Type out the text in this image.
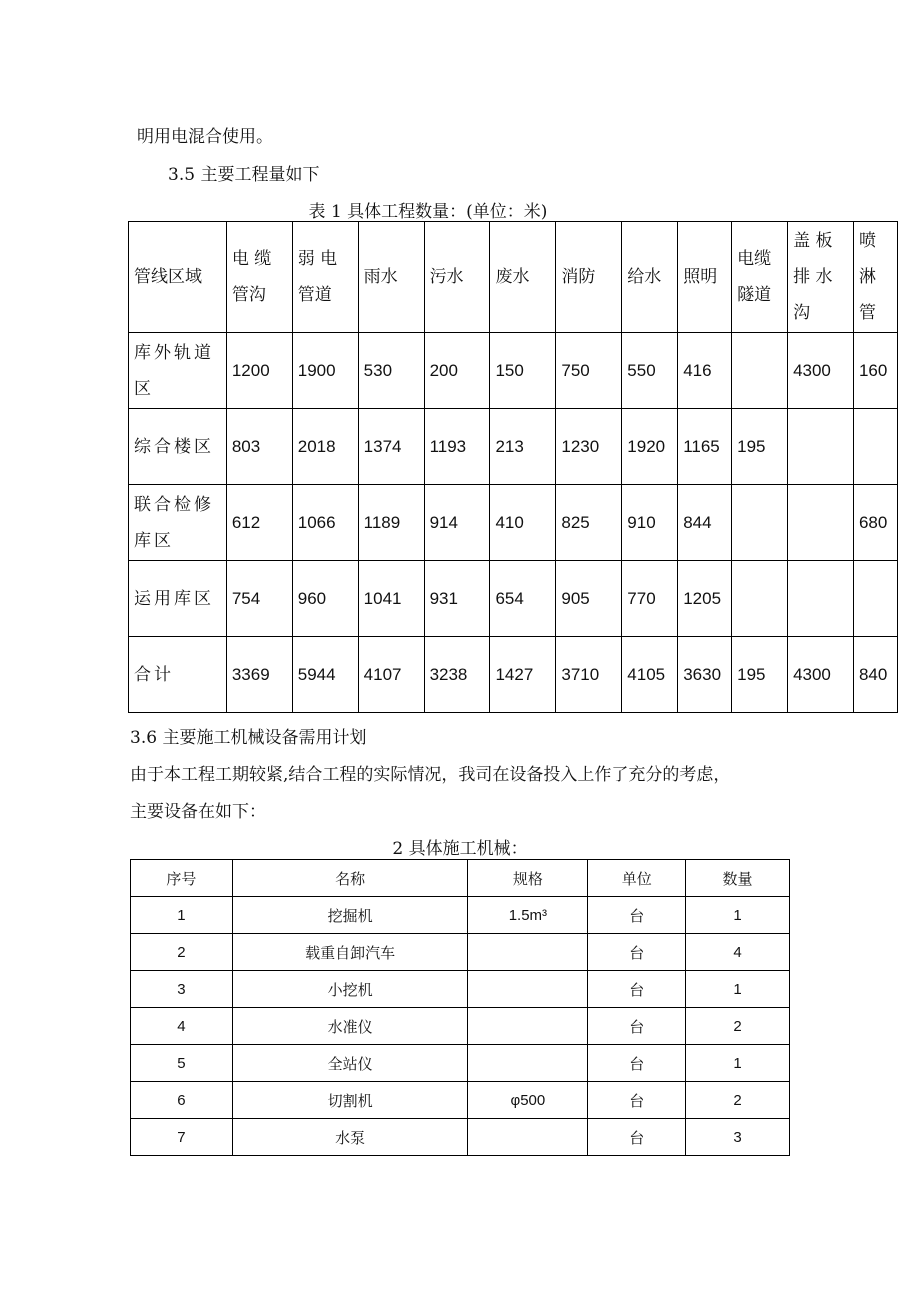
明用电混合使用。
3.5 主要工程量如下
表 1 具体工程数量：(单位：米)
管线区域	电 缆 管沟	弱 电 管道	雨水	污水	废水	消防	给水	照明	电缆 隧道	盖 板 排 水 沟	喷 淋 管

库外轨道区	1200	1900	530	200	150	750	550	416		4300	160

综合楼区	803	2018	1374	1193	213	1230	1920	1165	195		

联合检修库区	612	1066	1189	914	410	825	910	844			680

运用库区	754	960	1041	931	654	905	770	1205			

合计	3369	5944	4107	3238	1427	3710	4105	3630	195	4300	840
3.6 主要施工机械设备需用计划
由于本工程工期较紧,结合工程的实际情况，我司在设备投入上作了充分的考虑，
主要设备在如下：
2 具体施工机械：
序号	名称	规格	单位	数量
1	挖掘机	1.5m³	台	1
2	载重自卸汽车		台	4
3	小挖机		台	1
4	水准仪		台	2
5	全站仪		台	1
6	切割机	φ500	台	2
7	水泵		台	3
